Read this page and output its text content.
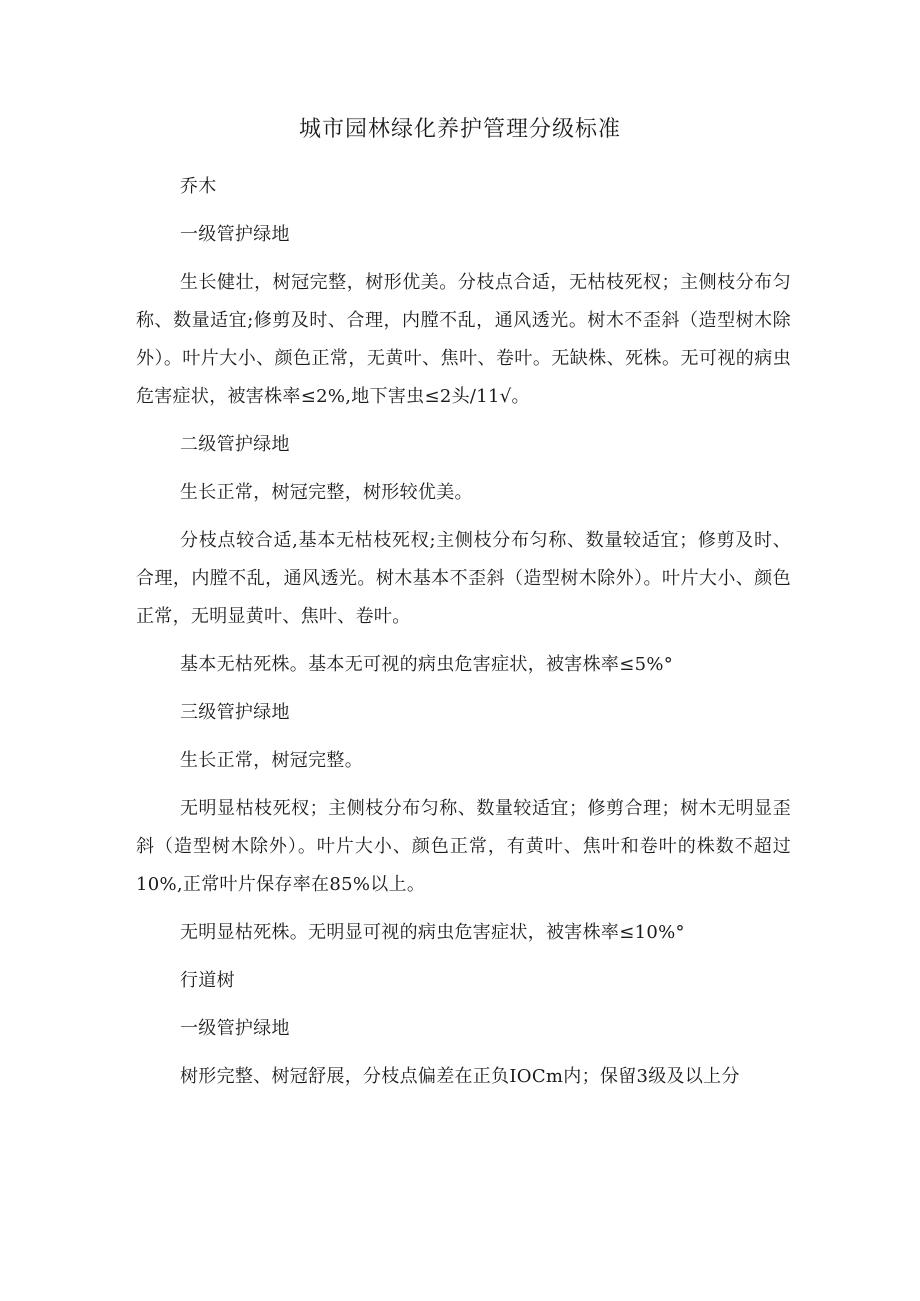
城市园林绿化养护管理分级标准

乔木

一级管护绿地

生长健壮，树冠完整，树形优美。分枝点合适，无枯枝死杈；主侧枝分布匀称、数量适宜;修剪及时、合理，内膛不乱，通风透光。树木不歪斜（造型树木除外）。叶片大小、颜色正常，无黄叶、焦叶、卷叶。无缺株、死株。无可视的病虫危害症状，被害株率≤2%,地下害虫≤2头∕11√。

二级管护绿地

生长正常，树冠完整，树形较优美。

分枝点较合适,基本无枯枝死杈;主侧枝分布匀称、数量较适宜；修剪及时、合理，内膛不乱，通风透光。树木基本不歪斜（造型树木除外）。叶片大小、颜色正常，无明显黄叶、焦叶、卷叶。

基本无枯死株。基本无可视的病虫危害症状，被害株率≤5%°

三级管护绿地

生长正常，树冠完整。

无明显枯枝死杈；主侧枝分布匀称、数量较适宜；修剪合理；树木无明显歪斜（造型树木除外）。叶片大小、颜色正常，有黄叶、焦叶和卷叶的株数不超过10%,正常叶片保存率在85%以上。

无明显枯死株。无明显可视的病虫危害症状，被害株率≤10%°

行道树

一级管护绿地

树形完整、树冠舒展，分枝点偏差在正负IOCm内；保留3级及以上分
